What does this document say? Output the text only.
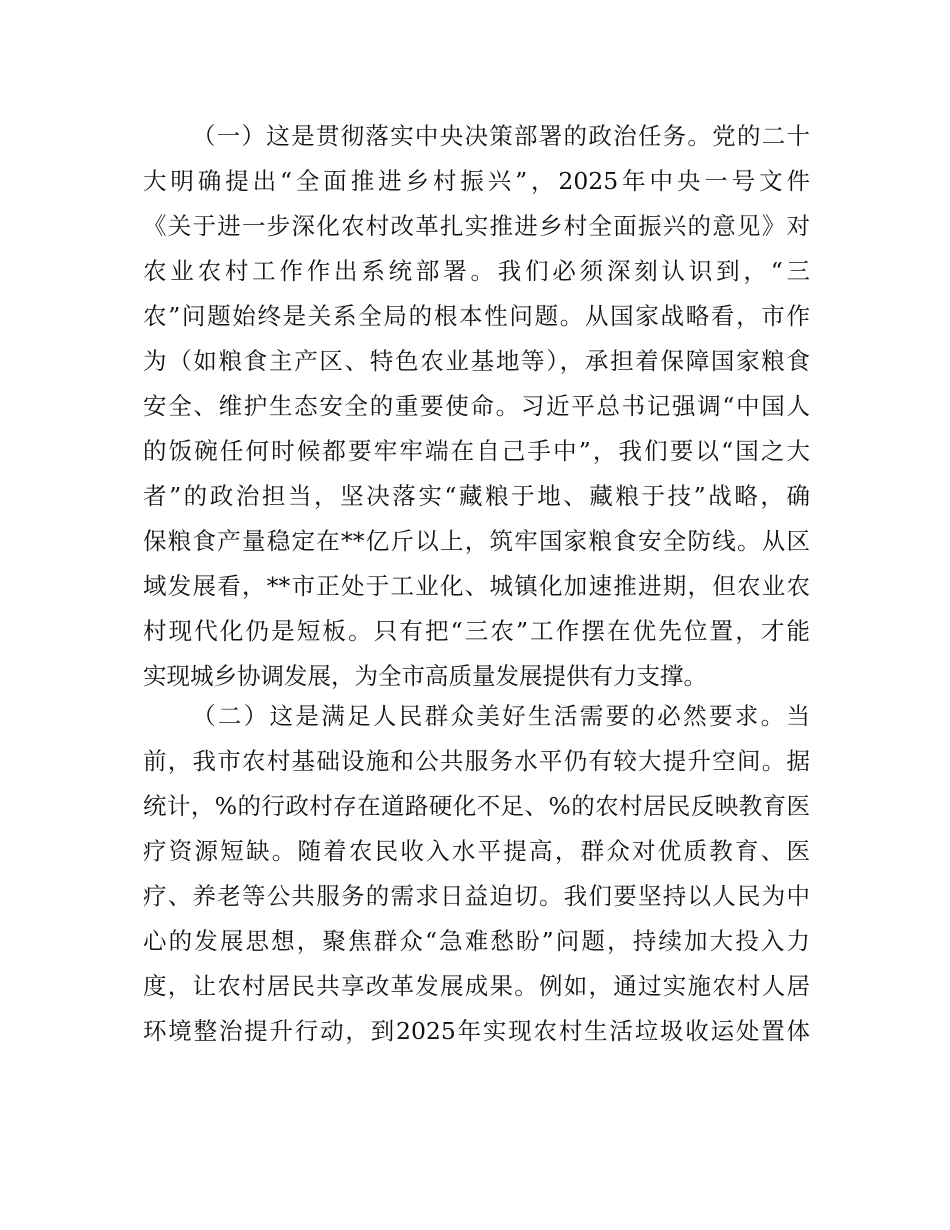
（一）这是贯彻落实中央决策部署的政治任务。党的二十
大明确提出“全面推进乡村振兴”，2025年中央一号文件
《关于进一步深化农村改革扎实推进乡村全面振兴的意见》对
农业农村工作作出系统部署。我们必须深刻认识到，“三
农”问题始终是关系全局的根本性问题。从国家战略看，市作
为（如粮食主产区、特色农业基地等），承担着保障国家粮食
安全、维护生态安全的重要使命。习近平总书记强调“中国人
的饭碗任何时候都要牢牢端在自己手中”，我们要以“国之大
者”的政治担当，坚决落实“藏粮于地、藏粮于技”战略，确
保粮食产量稳定在**亿斤以上，筑牢国家粮食安全防线。从区
域发展看，**市正处于工业化、城镇化加速推进期，但农业农
村现代化仍是短板。只有把“三农”工作摆在优先位置，才能
实现城乡协调发展，为全市高质量发展提供有力支撑。
（二）这是满足人民群众美好生活需要的必然要求。当
前，我市农村基础设施和公共服务水平仍有较大提升空间。据
统计，%的行政村存在道路硬化不足、%的农村居民反映教育医
疗资源短缺。随着农民收入水平提高，群众对优质教育、医
疗、养老等公共服务的需求日益迫切。我们要坚持以人民为中
心的发展思想，聚焦群众“急难愁盼”问题，持续加大投入力
度，让农村居民共享改革发展成果。例如，通过实施农村人居
环境整治提升行动，到2025年实现农村生活垃圾收运处置体
